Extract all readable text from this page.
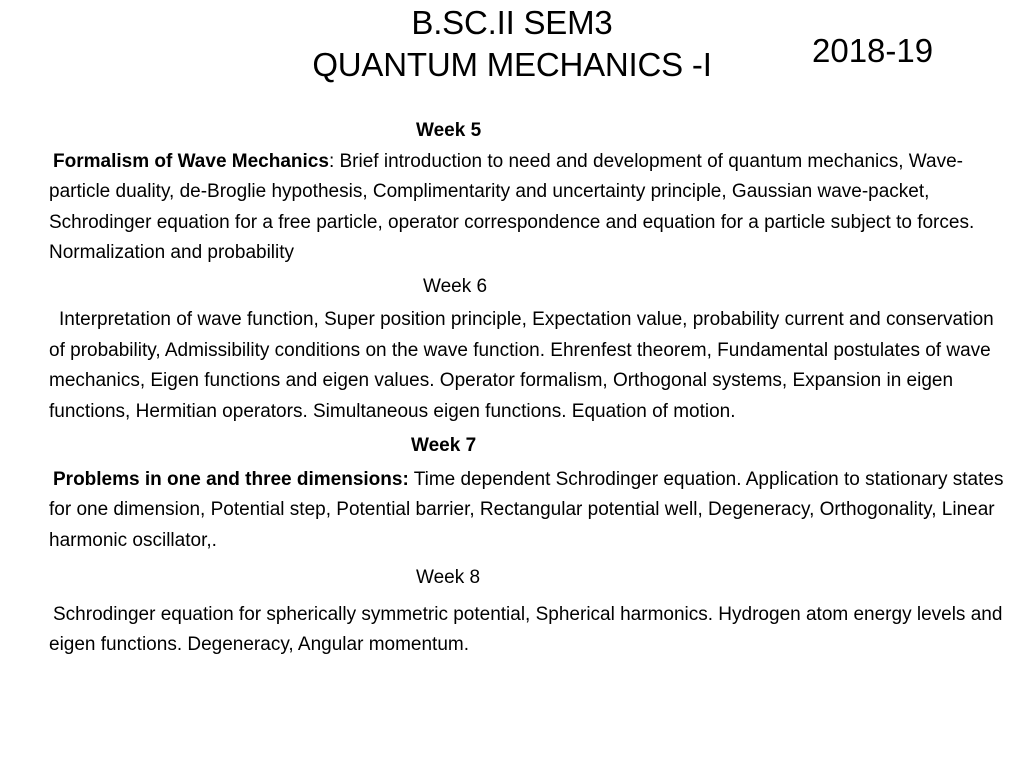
B.SC.II SEM3
QUANTUM MECHANICS -I	2018-19
Week 5

Formalism of Wave Mechanics: Brief introduction to need and development of quantum mechanics, Wave-particle duality, de-Broglie hypothesis, Complimentarity and uncertainty principle, Gaussian wave-packet, Schrodinger equation for a free particle, operator correspondence and equation for a particle subject to forces. Normalization and probability

Week 6

Interpretation of wave function, Super position principle, Expectation value, probability current and conservation of probability, Admissibility conditions on the wave function. Ehrenfest theorem, Fundamental postulates of wave mechanics, Eigen functions and eigen values. Operator formalism, Orthogonal systems, Expansion in eigen functions, Hermitian operators. Simultaneous eigen functions. Equation of motion.

Week 7

Problems in one and three dimensions: Time dependent Schrodinger equation. Application to stationary states for one dimension, Potential step, Potential barrier, Rectangular potential well, Degeneracy, Orthogonality, Linear harmonic oscillator,.

Week 8

Schrodinger equation for spherically symmetric potential, Spherical harmonics. Hydrogen atom energy levels and eigen functions. Degeneracy, Angular momentum.
